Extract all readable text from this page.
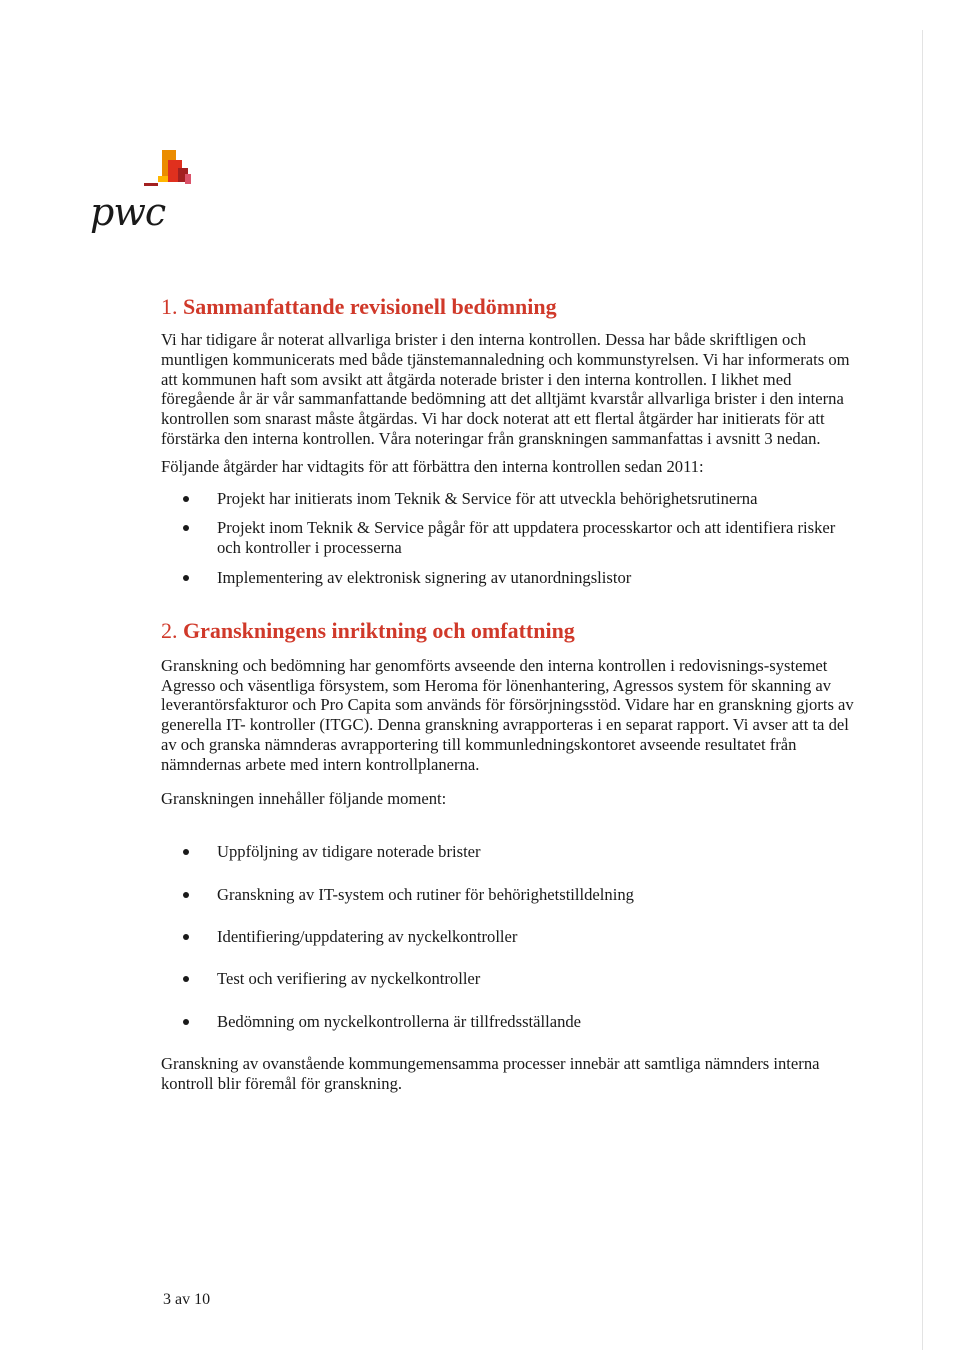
pwc
1. Sammanfattande revisionell bedömning

Vi har tidigare år noterat allvarliga brister i den interna kontrollen. Dessa har både skriftligen och muntligen kommunicerats med både tjänstemannaledning och kommunstyrelsen. Vi har informerats om att kommunen haft som avsikt att åtgärda noterade brister i den interna kontrollen. I likhet med föregående år är vår sammanfattande bedömning att det alltjämt kvarstår allvarliga brister i den interna kontrollen som snarast måste åtgärdas. Vi har dock noterat att ett flertal åtgärder har initierats för att förstärka den interna kontrollen. Våra noteringar från granskningen sammanfattas i avsnitt 3 nedan.

Följande åtgärder har vidtagits för att förbättra den interna kontrollen sedan 2011:

Projekt har initierats inom Teknik & Service för att utveckla behörighetsrutinerna
Projekt inom Teknik & Service pågår för att uppdatera processkartor och att identifiera risker och kontroller i processerna
Implementering av elektronisk signering av utanordningslistor
2. Granskningens inriktning och omfattning

Granskning och bedömning har genomförts avseende den interna kontrollen i redovisnings-systemet Agresso och väsentliga försystem, som Heroma för lönenhantering, Agressos system för skanning av leverantörsfakturor och Pro Capita som används för försörjningsstöd. Vidare har en granskning gjorts av generella IT- kontroller (ITGC). Denna granskning avrapporteras i en separat rapport. Vi avser att ta del av och granska nämnderas avrapportering till kommunledningskontoret avseende resultatet från nämndernas arbete med intern kontrollplanerna.

Granskningen innehåller följande moment:

Uppföljning av tidigare noterade brister
Granskning av IT-system och rutiner för behörighetstilldelning
Identifiering/uppdatering av nyckelkontroller
Test och verifiering av nyckelkontroller
Bedömning om nyckelkontrollerna är tillfredsställande

Granskning av ovanstående kommungemensamma processer innebär att samtliga nämnders interna kontroll blir föremål för granskning.

3 av 10
